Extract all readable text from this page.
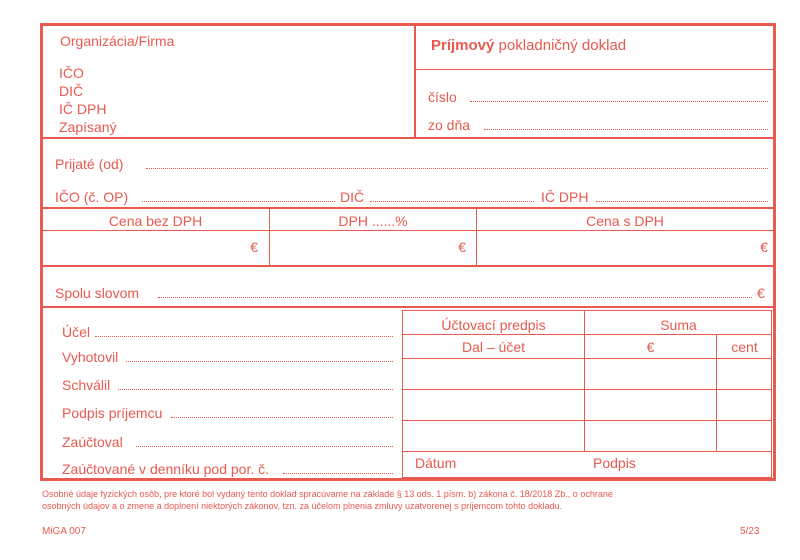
Organizácia/Firma
IČO
DIČ
IČ DPH
Zapísaný
Príjmový pokladničný doklad
číslo
zo dňa
Prijaté (od)
IČO (č. OP)	DIČ	IČ DPH
Cena bez DPH	DPH ......%	Cena s DPH
€	€	€
Spolu slovom	€
Účel
Vyhotovil
Schválil
Podpis príjemcu
Zaúčtoval
Zaúčtované v denníku pod por. č.
Účtovací predpis	Suma
Dal – účet	€	cent
Dátum	Podpis
Osobné údaje fyzických osôb, pre ktoré bol vydaný tento doklad spracúvame na základe § 13 ods. 1 písm. b) zákona č. 18/2018 Zb., o ochrane
osobných údajov a o zmene a doplnení niektorých zákonov, tzn. za účelom plnenia zmluvy uzatvorenej s príjemcom tohto dokladu.
MiGA 007	5/23
